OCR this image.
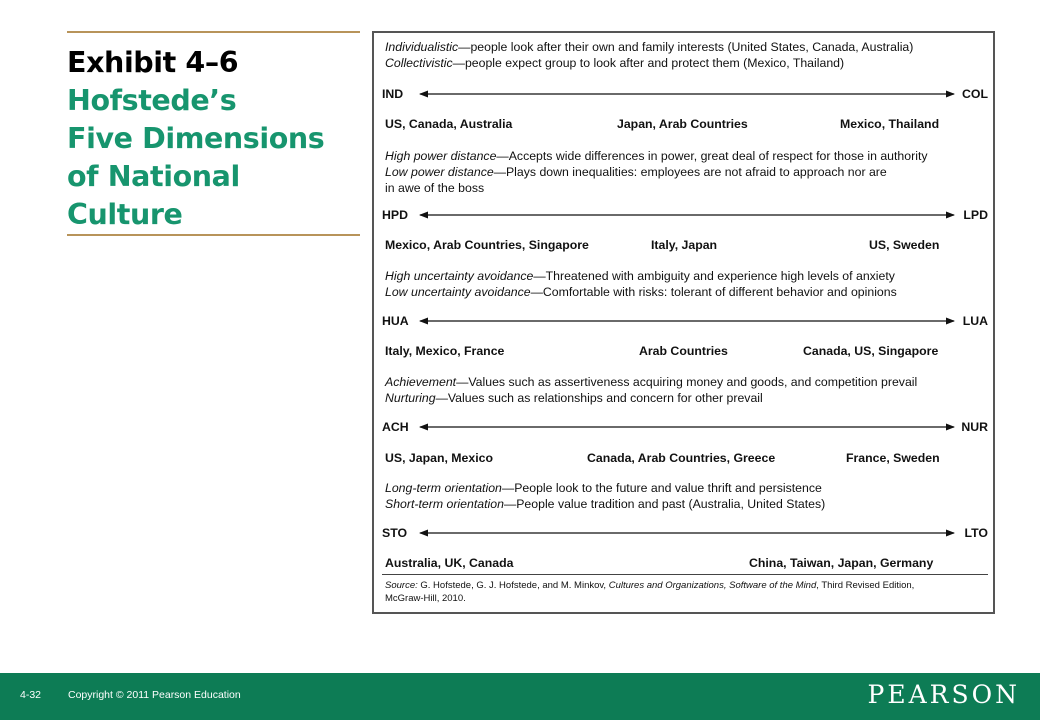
Exhibit 4–6
Hofstede’s
Five Dimensions
of National
Culture
Individualistic—people look after their own and family interests (United States, Canada, Australia)
Collectivistic—people expect group to look after and protect them (Mexico, Thailand)
IND	COL
US, Canada, Australia	Japan, Arab Countries	Mexico, Thailand
High power distance—Accepts wide differences in power, great deal of respect for those in authority
Low power distance—Plays down inequalities: employees are not afraid to approach nor are
in awe of the boss
HPD	LPD
Mexico, Arab Countries, Singapore	Italy, Japan	US, Sweden
High uncertainty avoidance—Threatened with ambiguity and experience high levels of anxiety
Low uncertainty avoidance—Comfortable with risks: tolerant of different behavior and opinions
HUA	LUA
Italy, Mexico, France	Arab Countries	Canada, US, Singapore
Achievement—Values such as assertiveness acquiring money and goods, and competition prevail
Nurturing—Values such as relationships and concern for other prevail
ACH	NUR
US, Japan, Mexico	Canada, Arab Countries, Greece	France, Sweden
Long-term orientation—People look to the future and value thrift and persistence
Short-term orientation—People value tradition and past (Australia, United States)
STO	LTO
Australia, UK, Canada	China, Taiwan, Japan, Germany
Source: G. Hofstede, G. J. Hofstede, and M. Minkov, Cultures and Organizations, Software of the Mind, Third Revised Edition,
McGraw-Hill, 2010.
4-32	Copyright © 2011 Pearson Education	PEARSON
